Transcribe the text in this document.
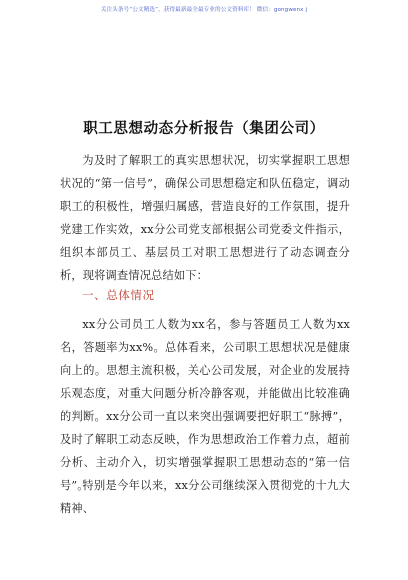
关注头条号“公文精选”，获得最新最全最专业的公文资料库！ 微信：gongwenx j
职工思想动态分析报告（集团公司）

为及时了解职工的真实思想状况，切实掌握职工思想状况的“第一信号”，确保公司思想稳定和队伍稳定，调动职工的积极性，增强归属感，营造良好的工作氛围，提升党建工作实效，xx分公司党支部根据公司党委文件指示，组织本部员工、基层员工对职工思想进行了动态调查分析，现将调查情况总结如下：

一、总体情况

xx分公司员工人数为xx名，参与答题员工人数为xx名，答题率为xx%。总体看来，公司职工思想状况是健康向上的。思想主流积极，关心公司发展，对企业的发展持乐观态度，对重大问题分析冷静客观，并能做出比较准确的判断。xx分公司一直以来突出强调要把好职工“脉搏”，及时了解职工动态反映，作为思想政治工作着力点，超前分析、主动介入，切实增强掌握职工思想动态的“第一信号”。

特别是今年以来，xx分公司继续深入贯彻党的十九大精神、
